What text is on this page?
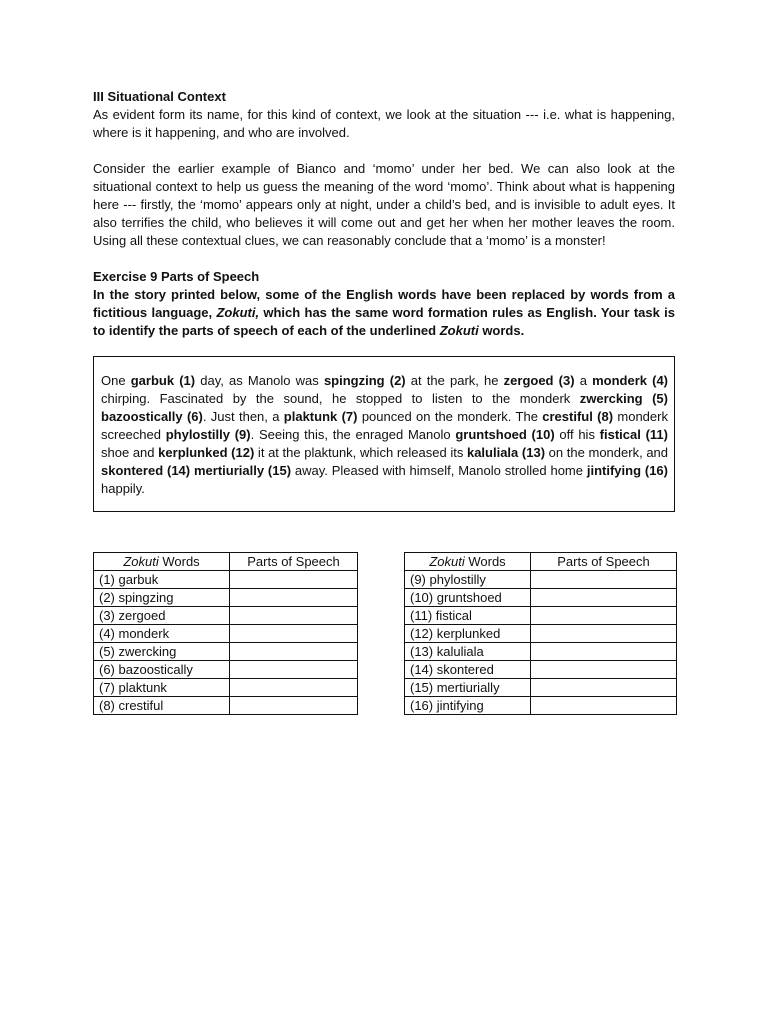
III Situational Context

As evident form its name, for this kind of context, we look at the situation --- i.e. what is happening, where is it happening, and who are involved.

Consider the earlier example of Bianco and ‘momo’ under her bed. We can also look at the situational context to help us guess the meaning of the word ‘momo’. Think about what is happening here --- firstly, the ‘momo’ appears only at night, under a child’s bed, and is invisible to adult eyes. It also terrifies the child, who believes it will come out and get her when her mother leaves the room. Using all these contextual clues, we can reasonably conclude that a ‘momo’ is a monster!

Exercise 9 Parts of Speech

In the story printed below, some of the English words have been replaced by words from a fictitious language, Zokuti, which has the same word formation rules as English. Your task is to identify the parts of speech of each of the underlined Zokuti words.

One garbuk (1) day, as Manolo was spingzing (2) at the park, he zergoed (3) a monderk (4) chirping. Fascinated by the sound, he stopped to listen to the monderk zwercking (5) bazoostically (6). Just then, a plaktunk (7) pounced on the monderk. The crestiful (8) monderk screeched phylostilly (9). Seeing this, the enraged Manolo gruntshoed (10) off his fistical (11) shoe and kerplunked (12) it at the plaktunk, which released its kaluliala (13) on the monderk, and skontered (14) mertiurially (15) away. Pleased with himself, Manolo strolled home jintifying (16) happily.
Zokuti Words	Parts of Speech
(1) garbuk	
(2) spingzing	
(3) zergoed	
(4) monderk	
(5) zwercking	
(6) bazoostically	
(7) plaktunk	
(8) crestiful	
Zokuti Words	Parts of Speech
(9) phylostilly	
(10) gruntshoed	
(11) fistical	
(12) kerplunked	
(13) kaluliala	
(14) skontered	
(15) mertiurially	
(16) jintifying	
